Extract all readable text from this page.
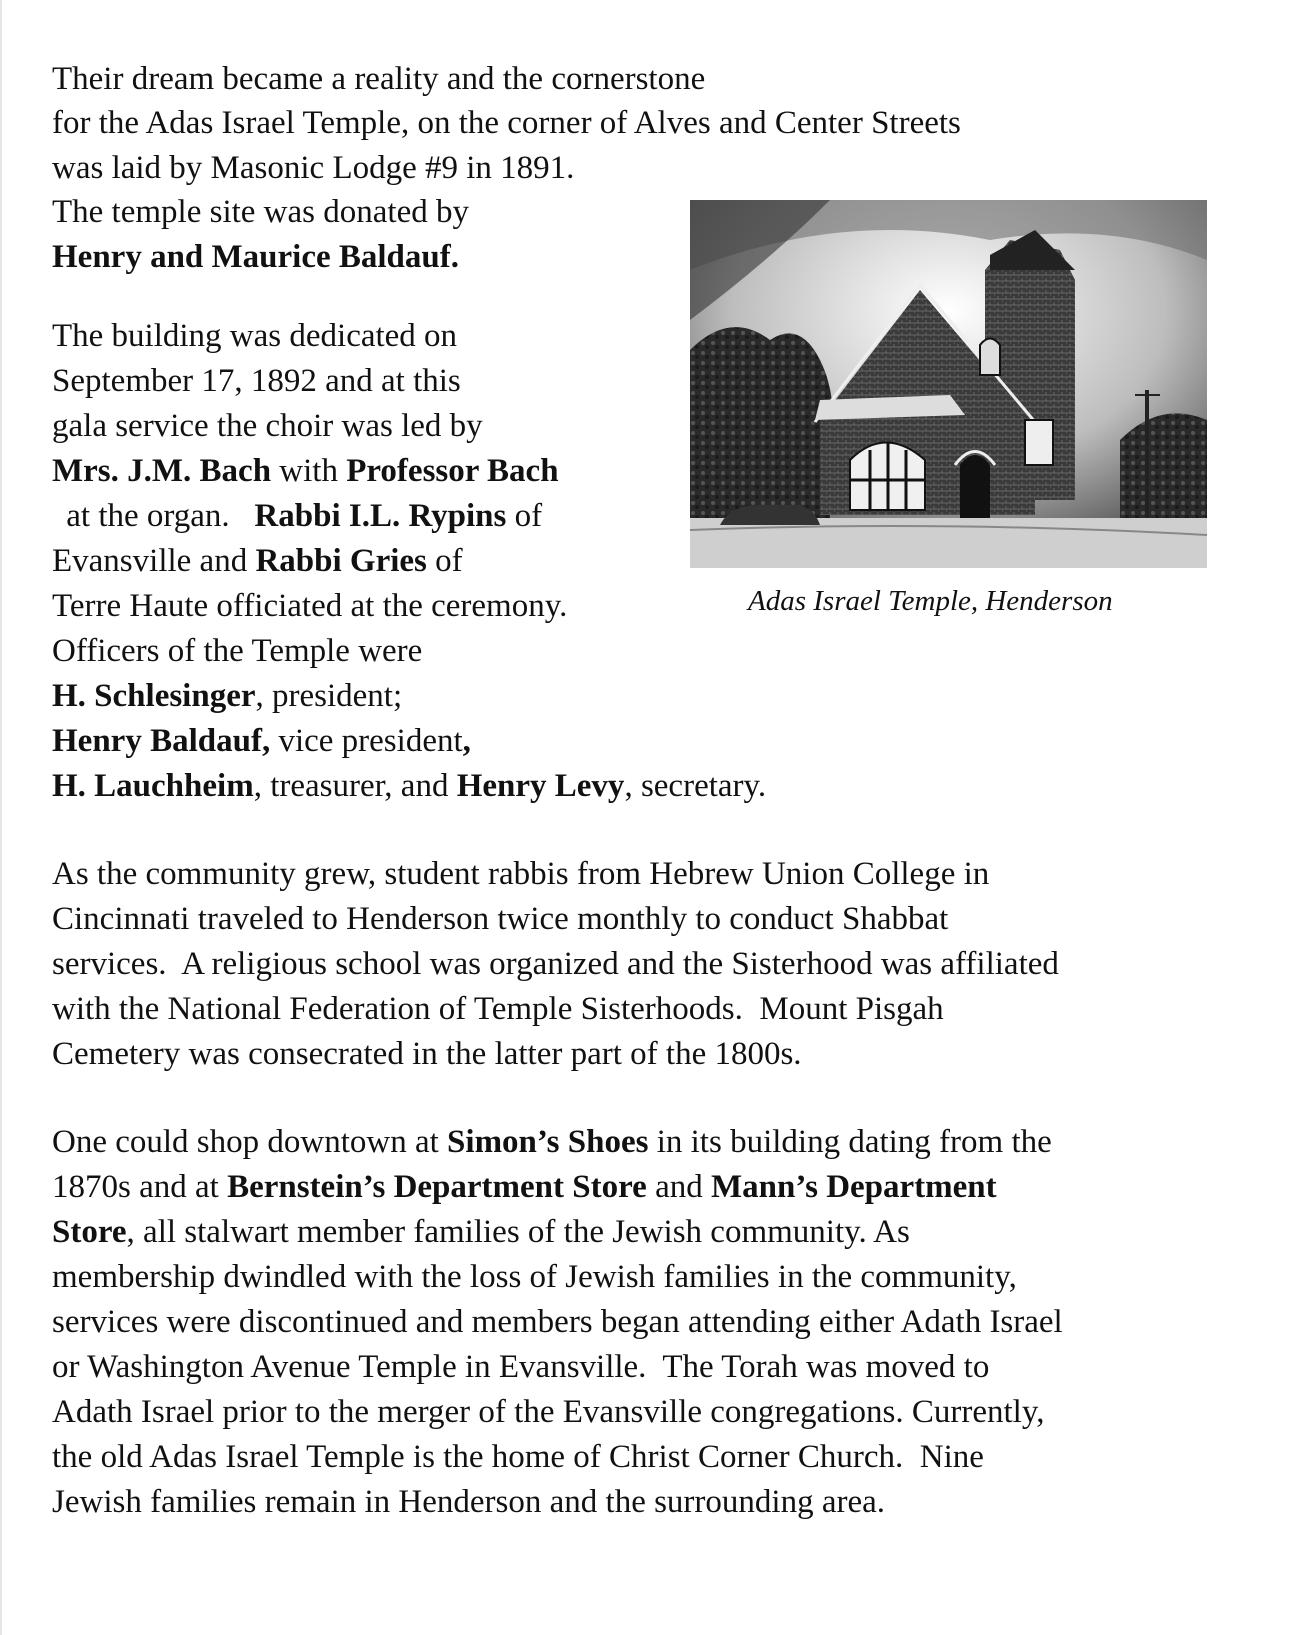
Their dream became a reality and the cornerstone
for the Adas Israel Temple, on the corner of Alves and Center Streets
was laid by Masonic Lodge #9 in 1891.
The temple site was donated by
Henry and Maurice Baldauf.
The building was dedicated on
September 17, 1892 and at this
gala service the choir was led by
Mrs. J.M. Bach with Professor Bach
at the organ.   Rabbi I.L. Rypins of
Evansville and Rabbi Gries of
Terre Haute officiated at the ceremony.
Officers of the Temple were
H. Schlesinger, president;
Henry Baldauf, vice president,
H. Lauchheim, treasurer, and Henry Levy, secretary.
As the community grew, student rabbis from Hebrew Union College in
Cincinnati traveled to Henderson twice monthly to conduct Shabbat
services.  A religious school was organized and the Sisterhood was affiliated
with the National Federation of Temple Sisterhoods.  Mount Pisgah
Cemetery was consecrated in the latter part of the 1800s.
One could shop downtown at Simon’s Shoes in its building dating from the
1870s and at Bernstein’s Department Store and Mann’s Department
Store, all stalwart member families of the Jewish community. As
membership dwindled with the loss of Jewish families in the community,
services were discontinued and members began attending either Adath Israel
or Washington Avenue Temple in Evansville.  The Torah was moved to
Adath Israel prior to the merger of the Evansville congregations. Currently,
the old Adas Israel Temple is the home of Christ Corner Church.  Nine
Jewish families remain in Henderson and the surrounding area.
Adas Israel Temple, Henderson
